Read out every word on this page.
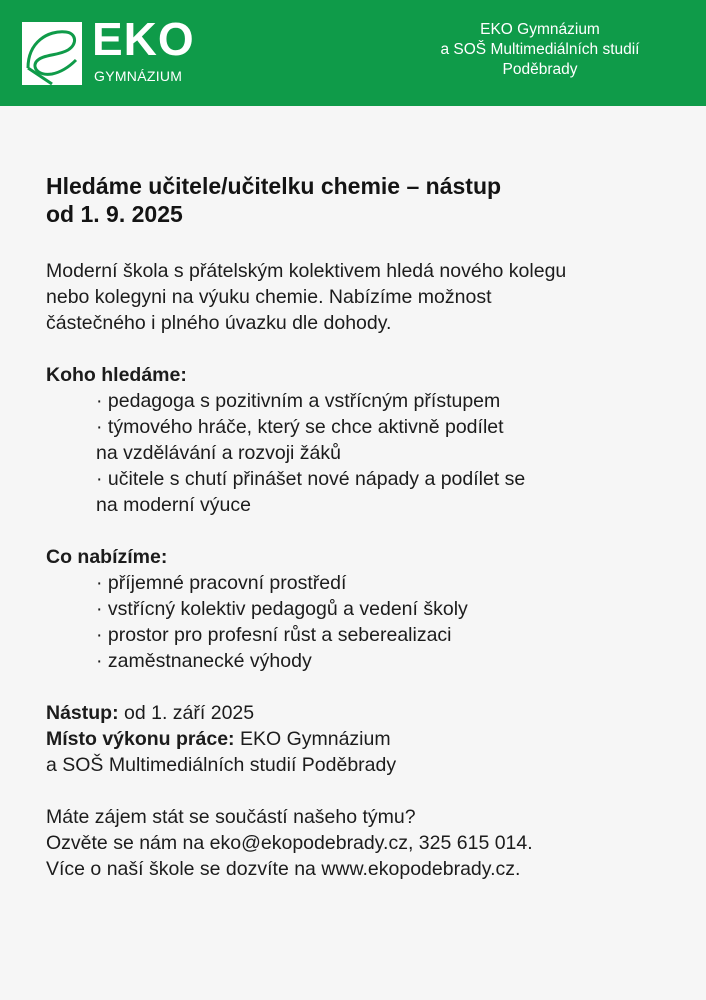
EKO
GYMNÁZIUM
EKO Gymnázium
a SOŠ Multimediálních studií
Poděbrady
Hledáme učitele/učitelku chemie – nástup
od 1. 9. 2025
Moderní škola s přátelským kolektivem hledá nového kolegu
nebo kolegyni na výuku chemie. Nabízíme možnost
částečného i plného úvazku dle dohody.
Koho hledáme:
· pedagoga s pozitivním a vstřícným přístupem
· týmového hráče, který se chce aktivně podílet
na vzdělávání a rozvoji žáků
· učitele s chutí přinášet nové nápady a podílet se
na moderní výuce
Co nabízíme:
· příjemné pracovní prostředí
· vstřícný kolektiv pedagogů a vedení školy
· prostor pro profesní růst a seberealizaci
· zaměstnanecké výhody
Nástup: od 1. září 2025
Místo výkonu práce: EKO Gymnázium
a SOŠ Multimediálních studií Poděbrady
Máte zájem stát se součástí našeho týmu?
Ozvěte se nám na eko@ekopodebrady.cz, 325 615 014.
Více o naší škole se dozvíte na www.ekopodebrady.cz.
